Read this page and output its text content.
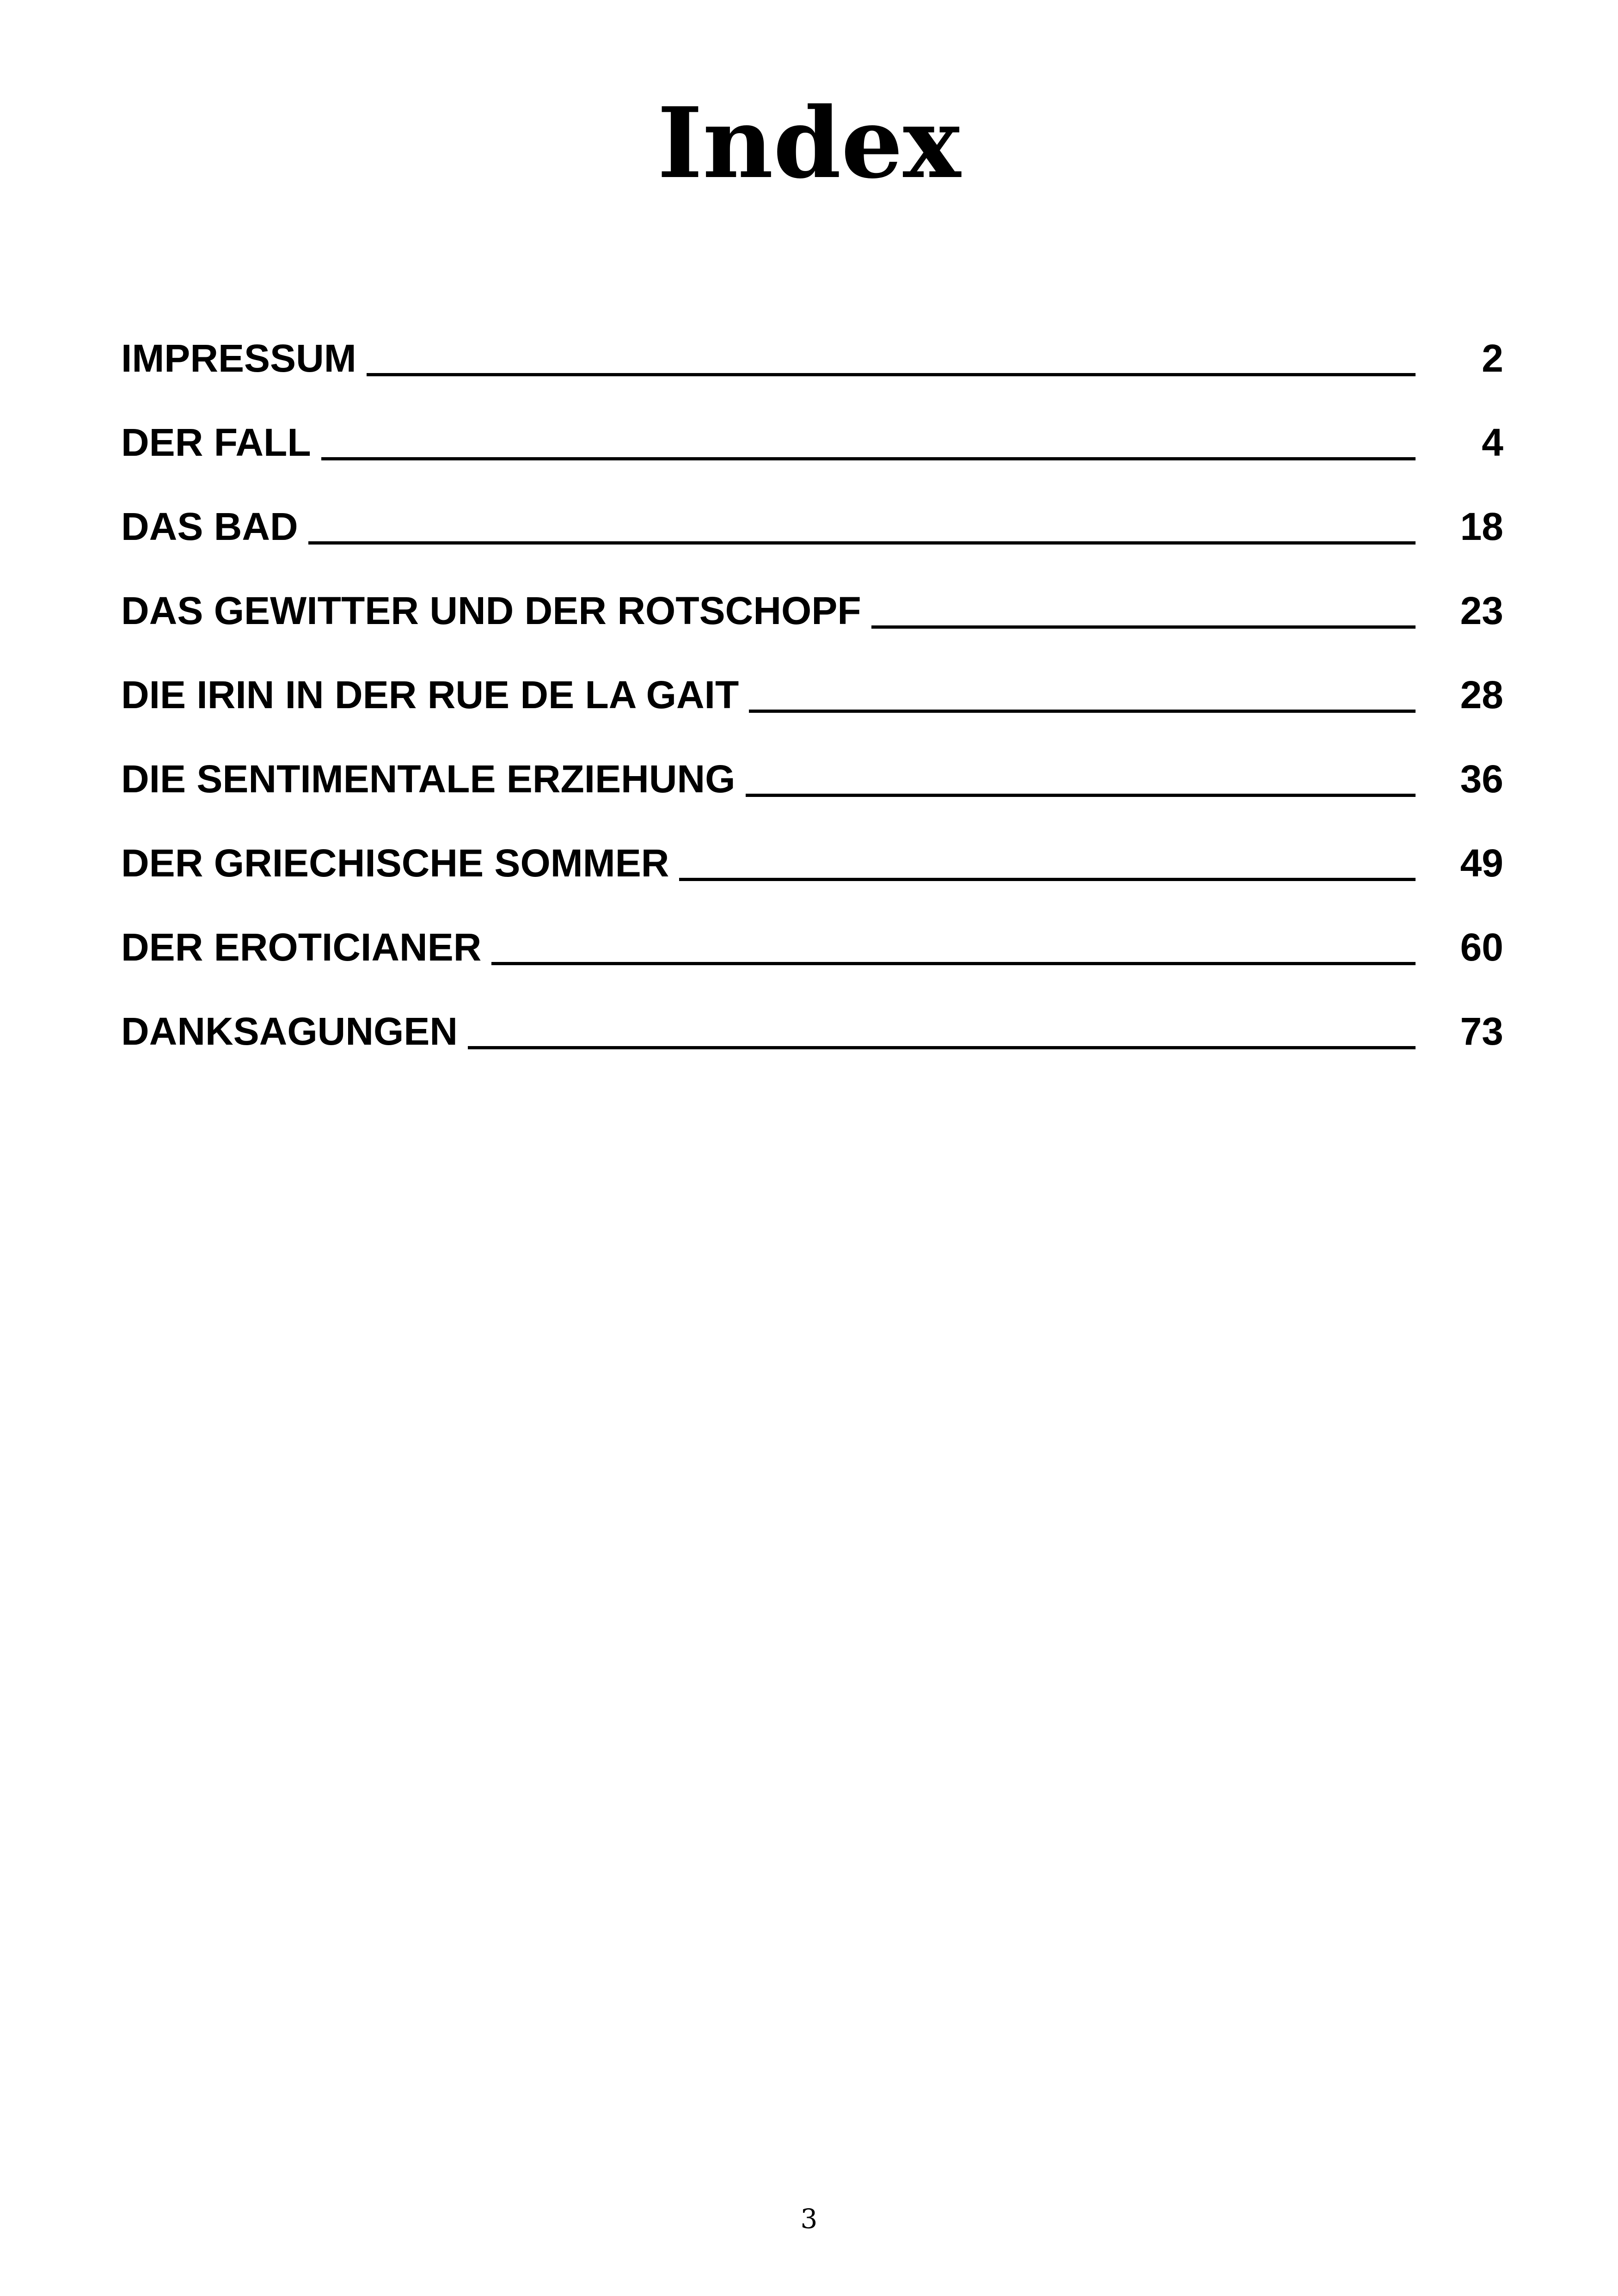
Index
IMPRESSUM	2
DER FALL	4
DAS BAD	18
DAS GEWITTER UND DER ROTSCHOPF	23
DIE IRIN IN DER RUE DE LA GAIT	28
DIE SENTIMENTALE ERZIEHUNG	36
DER GRIECHISCHE SOMMER	49
DER EROTICIANER	60
DANKSAGUNGEN	73
3
